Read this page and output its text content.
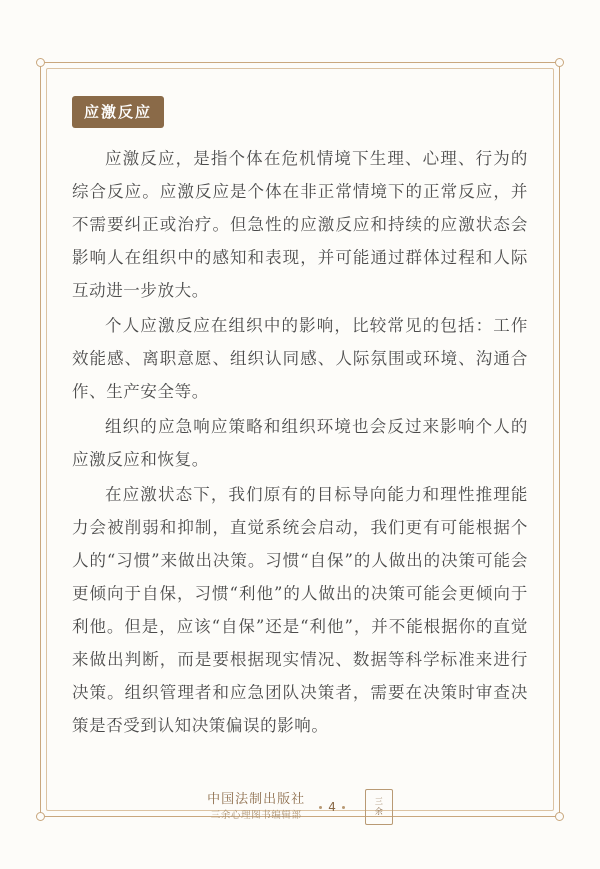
应激反应

应激反应，是指个体在危机情境下生理、心理、行为的综合反应。应激反应是个体在非正常情境下的正常反应，并不需要纠正或治疗。但急性的应激反应和持续的应激状态会影响人在组织中的感知和表现，并可能通过群体过程和人际互动进一步放大。

个人应激反应在组织中的影响，比较常见的包括：工作效能感、离职意愿、组织认同感、人际氛围或环境、沟通合作、生产安全等。

组织的应急响应策略和组织环境也会反过来影响个人的应激反应和恢复。

在应激状态下，我们原有的目标导向能力和理性推理能力会被削弱和抑制，直觉系统会启动，我们更有可能根据个人的“习惯”来做出决策。习惯“自保”的人做出的决策可能会更倾向于自保，习惯“利他”的人做出的决策可能会更倾向于利他。但是，应该“自保”还是“利他”，并不能根据你的直觉来做出判断，而是要根据现实情况、数据等科学标准来进行决策。组织管理者和应急团队决策者，需要在决策时审查决策是否受到认知决策偏误的影响。

中国法制出版社
三余心理图书编辑部
4	三
余
